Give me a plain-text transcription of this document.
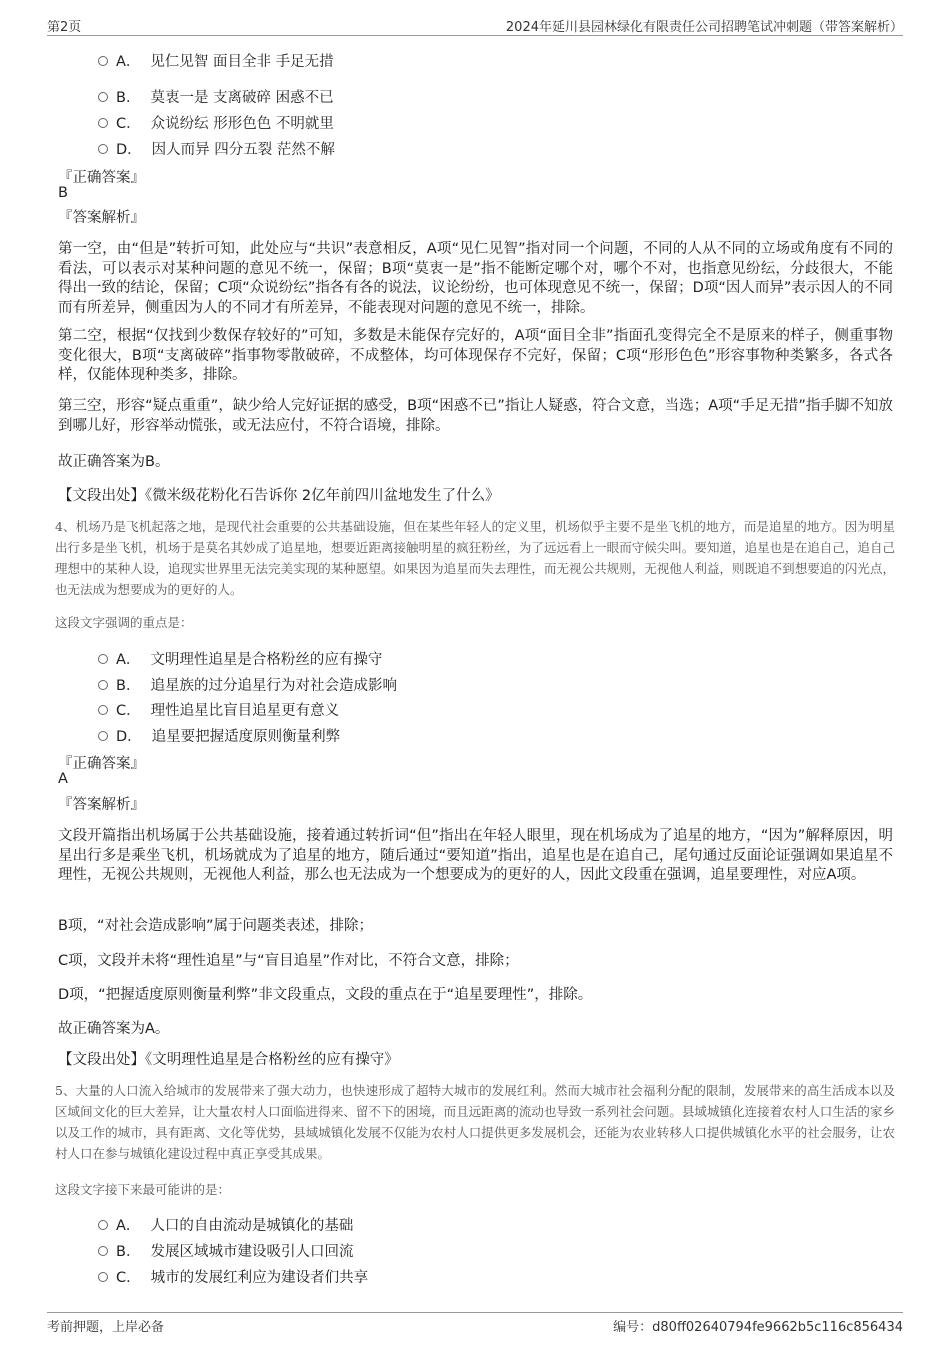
第2页	2024年延川县园林绿化有限责任公司招聘笔试冲刺题（带答案解析）
A． 见仁见智 面目全非 手足无措
B． 莫衷一是 支离破碎 困惑不已
C． 众说纷纭 形形色色 不明就里
D． 因人而异 四分五裂 茫然不解
『正确答案』
B
『答案解析』
第一空，由“但是”转折可知，此处应与“共识”表意相反，A项“见仁见智”指对同一个问题，不同的人从不同的立场或角度有不同的看法，可以表示对某种问题的意见不统一，保留；B项“莫衷一是”指不能断定哪个对，哪个不对，也指意见纷纭，分歧很大，不能得出一致的结论，保留；C项“众说纷纭”指各有各的说法，议论纷纷，也可体现意见不统一，保留；D项“因人而异”表示因人的不同而有所差异，侧重因为人的不同才有所差异，不能表现对问题的意见不统一，排除。
第二空，根据“仅找到少数保存较好的”可知，多数是未能保存完好的，A项“面目全非”指面孔变得完全不是原来的样子，侧重事物变化很大，B项“支离破碎”指事物零散破碎，不成整体，均可体现保存不完好，保留；C项“形形色色”形容事物种类繁多，各式各样，仅能体现种类多，排除。
第三空，形容“疑点重重”，缺少给人完好证据的感受，B项“困惑不已”指让人疑惑，符合文意，当选；A项“手足无措”指手脚不知放到哪儿好，形容举动慌张，或无法应付，不符合语境，排除。
故正确答案为B。
【文段出处】《微米级花粉化石告诉你 2亿年前四川盆地发生了什么》
4、机场乃是飞机起落之地，是现代社会重要的公共基础设施，但在某些年轻人的定义里，机场似乎主要不是坐飞机的地方，而是追星的地方。因为明星出行多是坐飞机，机场于是莫名其妙成了追星地，想要近距离接触明星的疯狂粉丝，为了远远看上一眼而守候尖叫。要知道，追星也是在追自己，追自己理想中的某种人设，追现实世界里无法完美实现的某种愿望。如果因为追星而失去理性，而无视公共规则，无视他人利益，则既追不到想要追的闪光点，也无法成为想要成为的更好的人。
这段文字强调的重点是：
A． 文明理性追星是合格粉丝的应有操守
B． 追星族的过分追星行为对社会造成影响
C． 理性追星比盲目追星更有意义
D． 追星要把握适度原则衡量利弊
『正确答案』
A
『答案解析』
文段开篇指出机场属于公共基础设施，接着通过转折词“但”指出在年轻人眼里，现在机场成为了追星的地方，“因为”解释原因，明星出行多是乘坐飞机，机场就成为了追星的地方，随后通过“要知道”指出，追星也是在追自己，尾句通过反面论证强调如果追星不理性，无视公共规则，无视他人利益，那么也无法成为一个想要成为的更好的人，因此文段重在强调，追星要理性，对应A项。
B项，“对社会造成影响”属于问题类表述，排除；
C项，文段并未将“理性追星”与“盲目追星”作对比，不符合文意，排除；
D项，“把握适度原则衡量利弊”非文段重点，文段的重点在于“追星要理性”，排除。
故正确答案为A。
【文段出处】《文明理性追星是合格粉丝的应有操守》
5、大量的人口流入给城市的发展带来了强大动力，也快速形成了超特大城市的发展红利。然而大城市社会福利分配的限制，发展带来的高生活成本以及区域间文化的巨大差异，让大量农村人口面临进得来、留不下的困境，而且远距离的流动也导致一系列社会问题。县域城镇化连接着农村人口生活的家乡以及工作的城市，具有距离、文化等优势，县域城镇化发展不仅能为农村人口提供更多发展机会，还能为农业转移人口提供城镇化水平的社会服务，让农村人口在参与城镇化建设过程中真正享受其成果。
这段文字接下来最可能讲的是：
A． 人口的自由流动是城镇化的基础
B． 发展区域城市建设吸引人口回流
C． 城市的发展红利应为建设者们共享
考前押题，上岸必备	编号：d80ff02640794fe9662b5c116c856434
